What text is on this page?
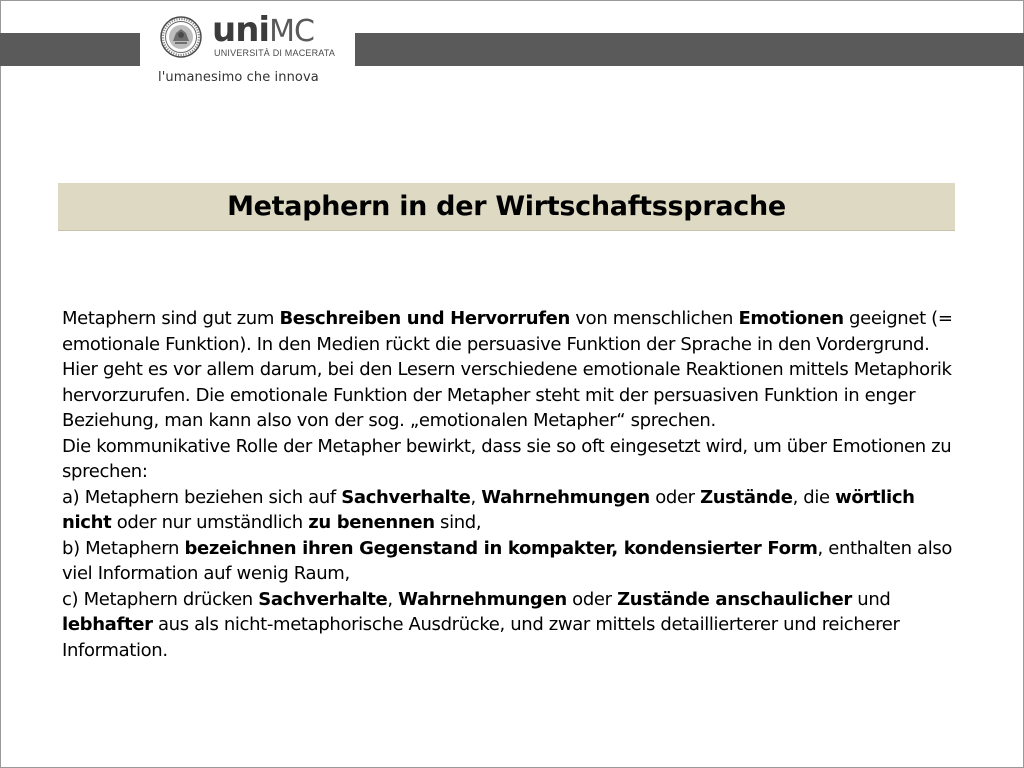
uniMC
UNIVERSITÀ DI MACERATA
l'umanesimo che innova
Metaphern in der Wirtschaftssprache

Metaphern sind gut zum Beschreiben und Hervorrufen von menschlichen Emotionen geeignet (= emotionale Funktion). In den Medien rückt die persuasive Funktion der Sprache in den Vordergrund. Hier geht es vor allem darum, bei den Lesern verschiedene emotionale Reaktionen mittels Metaphorik hervorzurufen. Die emotionale Funktion der Metapher steht mit der persuasiven Funktion in enger Beziehung, man kann also von der sog. „emotionalen Metapher“ sprechen.

Die kommunikative Rolle der Metapher bewirkt, dass sie so oft eingesetzt wird, um über Emotionen zu sprechen:

a) Metaphern beziehen sich auf Sachverhalte, Wahrnehmungen oder Zustände, die wörtlich nicht oder nur umständlich zu benennen sind,

b) Metaphern bezeichnen ihren Gegenstand in kompakter, kondensierter Form, enthalten also viel Information auf wenig Raum,

c) Metaphern drücken Sachverhalte, Wahrnehmungen oder Zustände anschaulicher und lebhafter aus als nicht-metaphorische Ausdrücke, und zwar mittels detaillierterer und reicherer Information.
